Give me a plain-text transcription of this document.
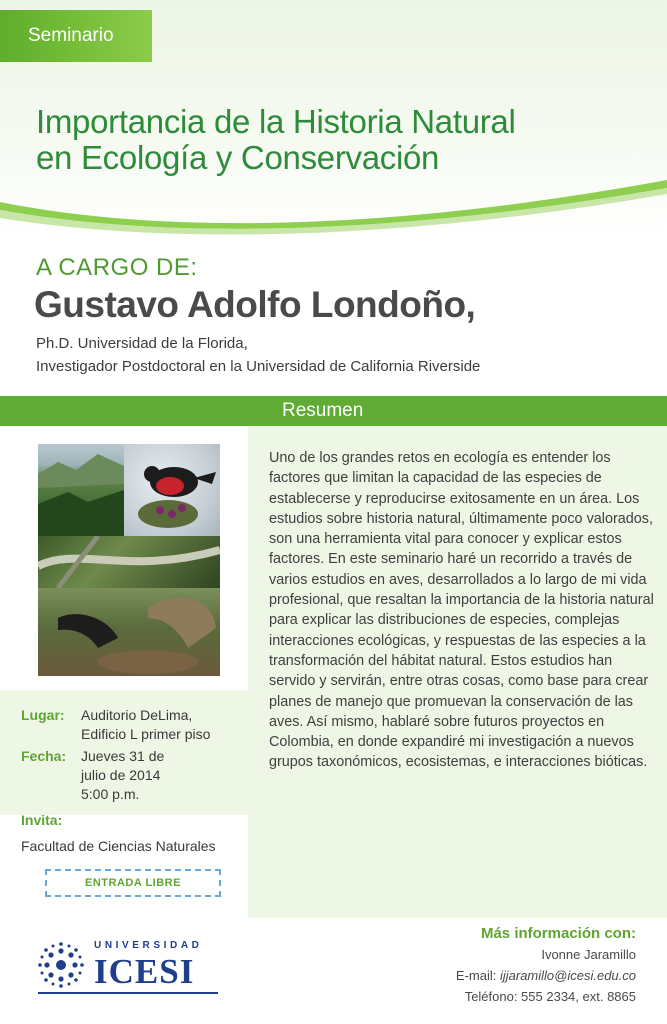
Seminario
Importancia de la Historia Natural
en Ecología y Conservación
A CARGO DE:
Gustavo Adolfo Londoño,
Ph.D. Universidad de la Florida,
Investigador Postdoctoral en la Universidad de California Riverside
Resumen

Uno de los grandes retos en ecología es entender los factores que limitan la capacidad de las especies de establecerse y reproducirse exitosamente en un área. Los estudios sobre historia natural, últimamente poco valorados, son una herramienta vital para conocer y explicar estos factores. En este seminario haré un recorrido a través de varios estudios en aves, desarrollados a lo largo de mi vida profesional, que resaltan la importancia de la historia natural para explicar las distribuciones de especies, complejas interacciones ecológicas, y respuestas de las especies a la transformación del hábitat natural. Estos estudios han servido y servirán, entre otras cosas, como base para crear planes de manejo que promuevan la conservación de las aves. Así mismo, hablaré sobre futuros proyectos en Colombia, en donde expandiré mi investigación a nuevos grupos taxonómicos, ecosistemas, e interacciones bióticas.

Lugar: Auditorio DeLima,
Edificio L primer piso
Fecha: Jueves 31 de
julio de 2014
5:00 p.m.
Invita:
Facultad de Ciencias Naturales
ENTRADA LIBRE
UNIVERSIDAD
ICESI
Más información con:
Ivonne Jaramillo
E-mail: ijjaramillo@icesi.edu.co
Teléfono: 555 2334, ext. 8865
